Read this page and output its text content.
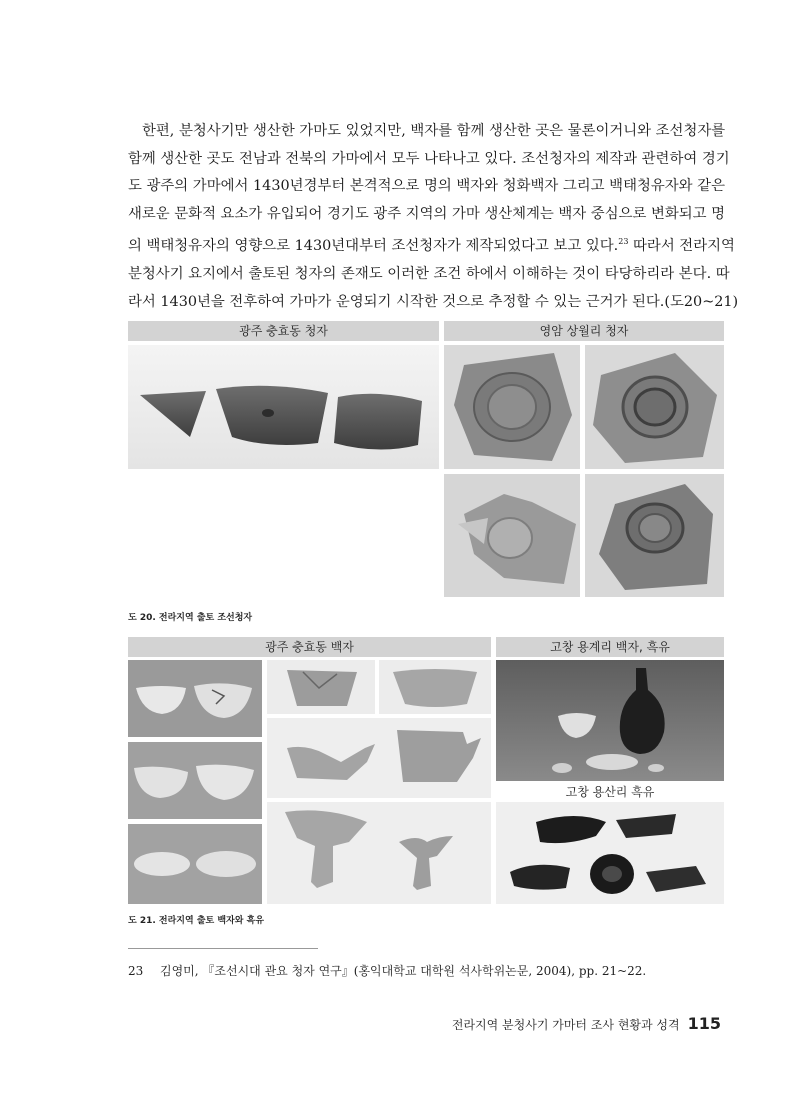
한편, 분청사기만 생산한 가마도 있었지만, 백자를 함께 생산한 곳은 물론이거니와 조선청자를
함께 생산한 곳도 전남과 전북의 가마에서 모두 나타나고 있다. 조선청자의 제작과 관련하여 경기
도 광주의 가마에서 1430년경부터 본격적으로 명의 백자와 청화백자 그리고 백태청유자와 같은
새로운 문화적 요소가 유입되어 경기도 광주 지역의 가마 생산체계는 백자 중심으로 변화되고 명
의 백태청유자의 영향으로 1430년대부터 조선청자가 제작되었다고 보고 있다.$^{23}$ 따라서 전라지역
분청사기 요지에서 출토된 청자의 존재도 이러한 조건 하에서 이해하는 것이 타당하리라 본다. 따
라서 1430년을 전후하여 가마가 운영되기 시작한 것으로 추정할 수 있는 근거가 된다.(도20~21)
광주 충효동 청자	영암 상월리 청자
도 20. 전라지역 출토 조선청자
광주 충효동 백자	고창 용계리 백자, 흑유
고창 용산리 흑유
도 21. 전라지역 출토 백자와 흑유
23 김영미, 『조선시대 관요 청자 연구』(홍익대학교 대학원 석사학위논문, 2004), pp. 21~22.
전라지역 분청사기 가마터 조사 현황과 성격 115
